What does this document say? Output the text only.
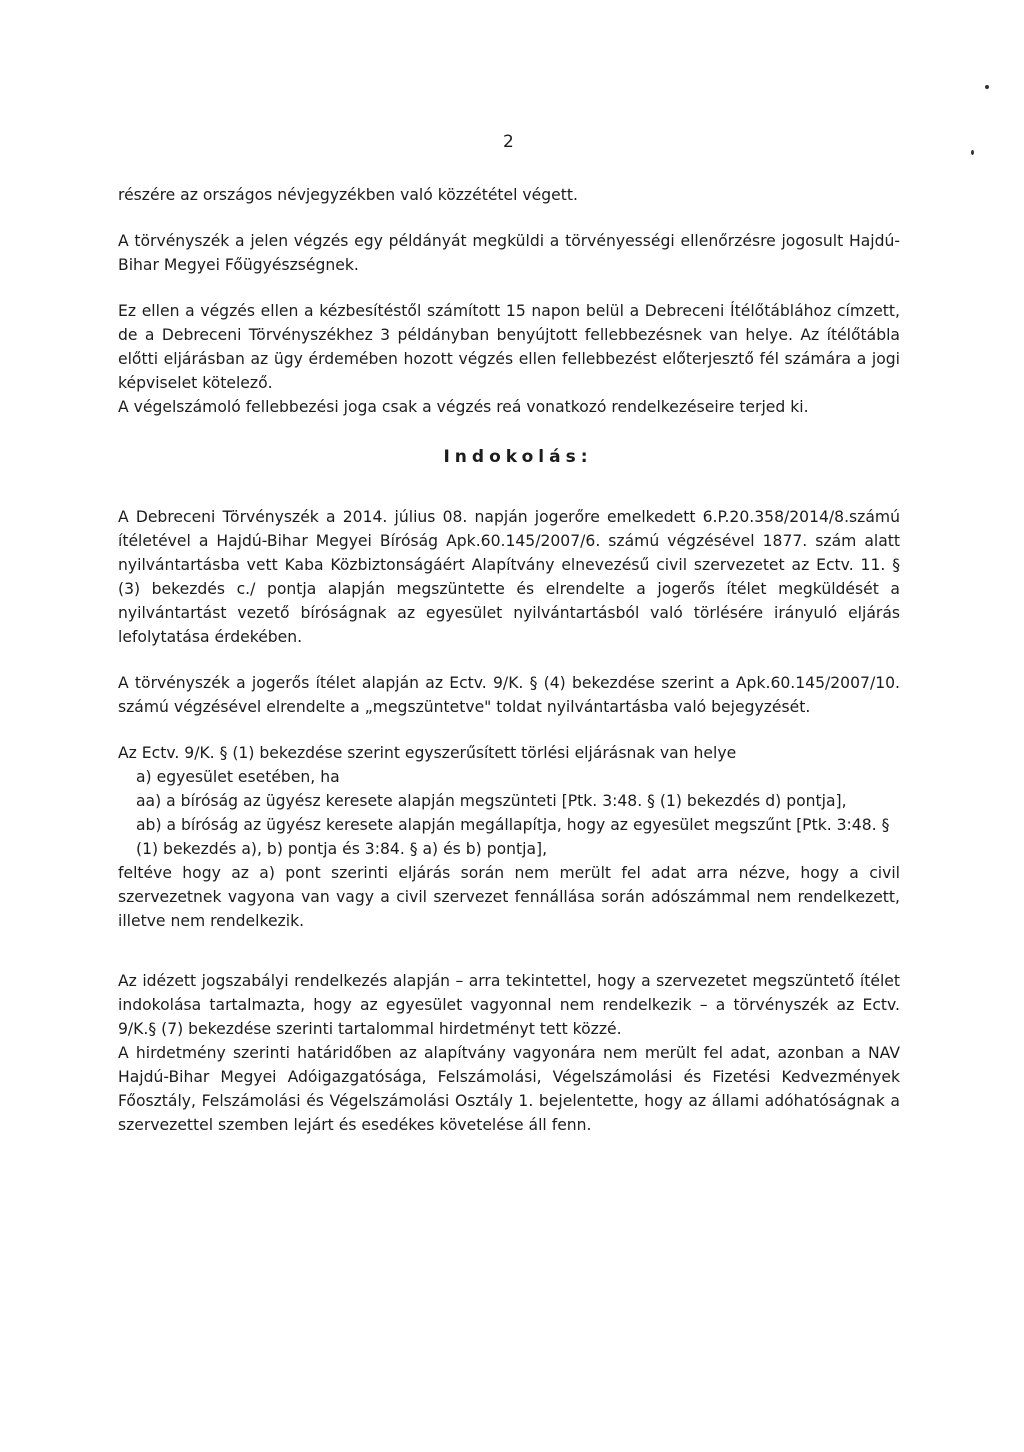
2

részére az országos névjegyzékben való közzététel végett.

A törvényszék a jelen végzés egy példányát megküldi a törvényességi ellenőrzésre jogosult Hajdú-Bihar Megyei Főügyészségnek.

Ez ellen a végzés ellen a kézbesítéstől számított 15 napon belül a Debreceni Ítélőtáblához címzett, de a Debreceni Törvényszékhez 3 példányban benyújtott fellebbezésnek van helye. Az ítélőtábla előtti eljárásban az ügy érdemében hozott végzés ellen fellebbezést előterjesztő fél számára a jogi képviselet kötelező.

A végelszámoló fellebbezési joga csak a végzés reá vonatkozó rendelkezéseire terjed ki.

Indokolás:

A Debreceni Törvényszék a 2014. július 08. napján jogerőre emelkedett 6.P.20.358/2014/8.számú ítéletével a Hajdú-Bihar Megyei Bíróság Apk.60.145/2007/6. számú végzésével 1877. szám alatt nyilvántartásba vett Kaba Közbiztonságáért Alapítvány elnevezésű civil szervezetet az Ectv. 11. § (3) bekezdés c./ pontja alapján megszüntette és elrendelte a jogerős ítélet megküldését a nyilvántartást vezető bíróságnak az egyesület nyilvántartásból való törlésére irányuló eljárás lefolytatása érdekében.

A törvényszék a jogerős ítélet alapján az Ectv. 9/K. § (4) bekezdése szerint a Apk.60.145/2007/10. számú végzésével elrendelte a „megszüntetve" toldat nyilvántartásba való bejegyzését.

Az Ectv. 9/K. § (1) bekezdése szerint egyszerűsített törlési eljárásnak van helye

a) egyesület esetében, ha

aa) a bíróság az ügyész keresete alapján megszünteti [Ptk. 3:48. § (1) bekezdés d) pontja],

ab) a bíróság az ügyész keresete alapján megállapítja, hogy az egyesület megszűnt [Ptk. 3:48. § (1) bekezdés a), b) pontja és 3:84. § a) és b) pontja],

feltéve hogy az a) pont szerinti eljárás során nem merült fel adat arra nézve, hogy a civil szervezetnek vagyona van vagy a civil szervezet fennállása során adószámmal nem rendelkezett, illetve nem rendelkezik.

Az idézett jogszabályi rendelkezés alapján – arra tekintettel, hogy a szervezetet megszüntető ítélet indokolása tartalmazta, hogy az egyesület vagyonnal nem rendelkezik – a törvényszék az Ectv. 9/K.§ (7) bekezdése szerinti tartalommal hirdetményt tett közzé.

A hirdetmény szerinti határidőben az alapítvány vagyonára nem merült fel adat, azonban a NAV Hajdú-Bihar Megyei Adóigazgatósága, Felszámolási, Végelszámolási és Fizetési Kedvezmények Főosztály, Felszámolási és Végelszámolási Osztály 1. bejelentette, hogy az állami adóhatóságnak a szervezettel szemben lejárt és esedékes követelése áll fenn.
